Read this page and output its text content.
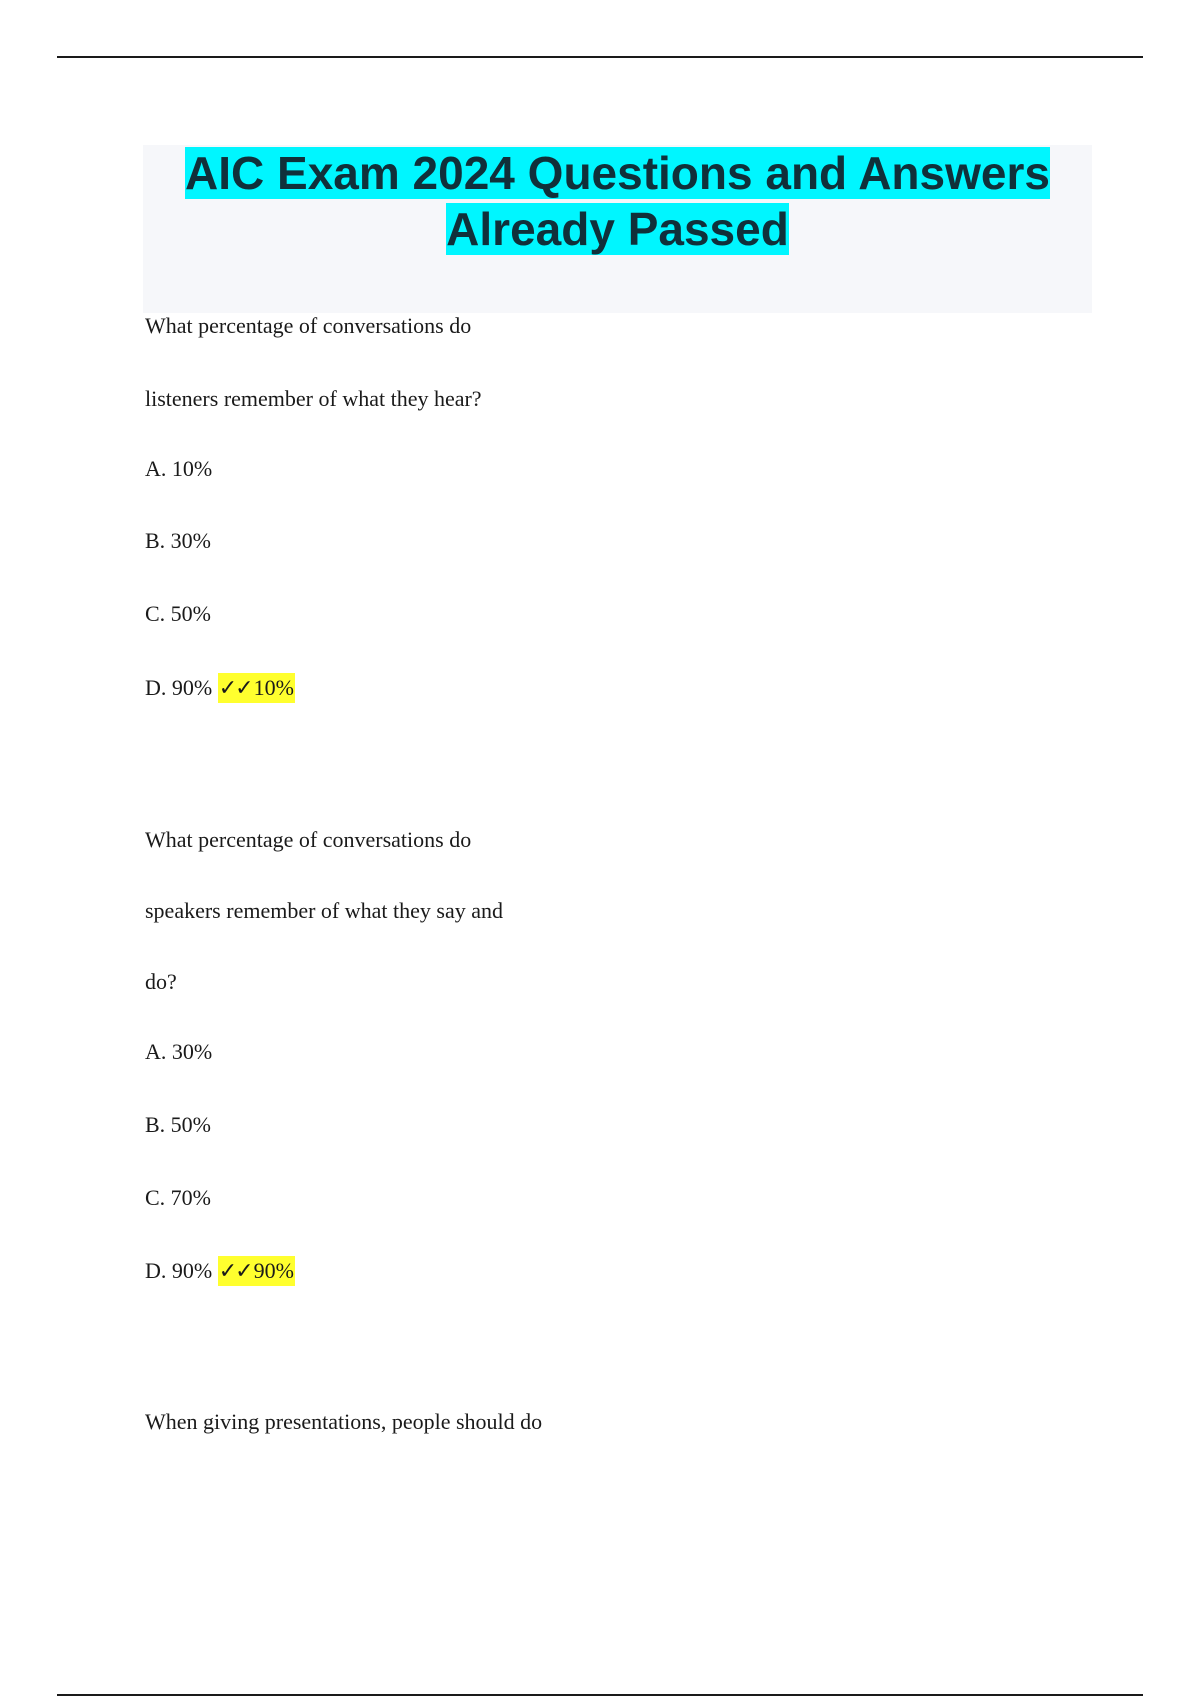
AIC Exam 2024 Questions and Answers Already Passed
What percentage of conversations do
listeners remember of what they hear?
A. 10%
B. 30%
C. 50%
D. 90% ✓✓10%
What percentage of conversations do
speakers remember of what they say and
do?
A. 30%
B. 50%
C. 70%
D. 90% ✓✓90%
When giving presentations, people should do
